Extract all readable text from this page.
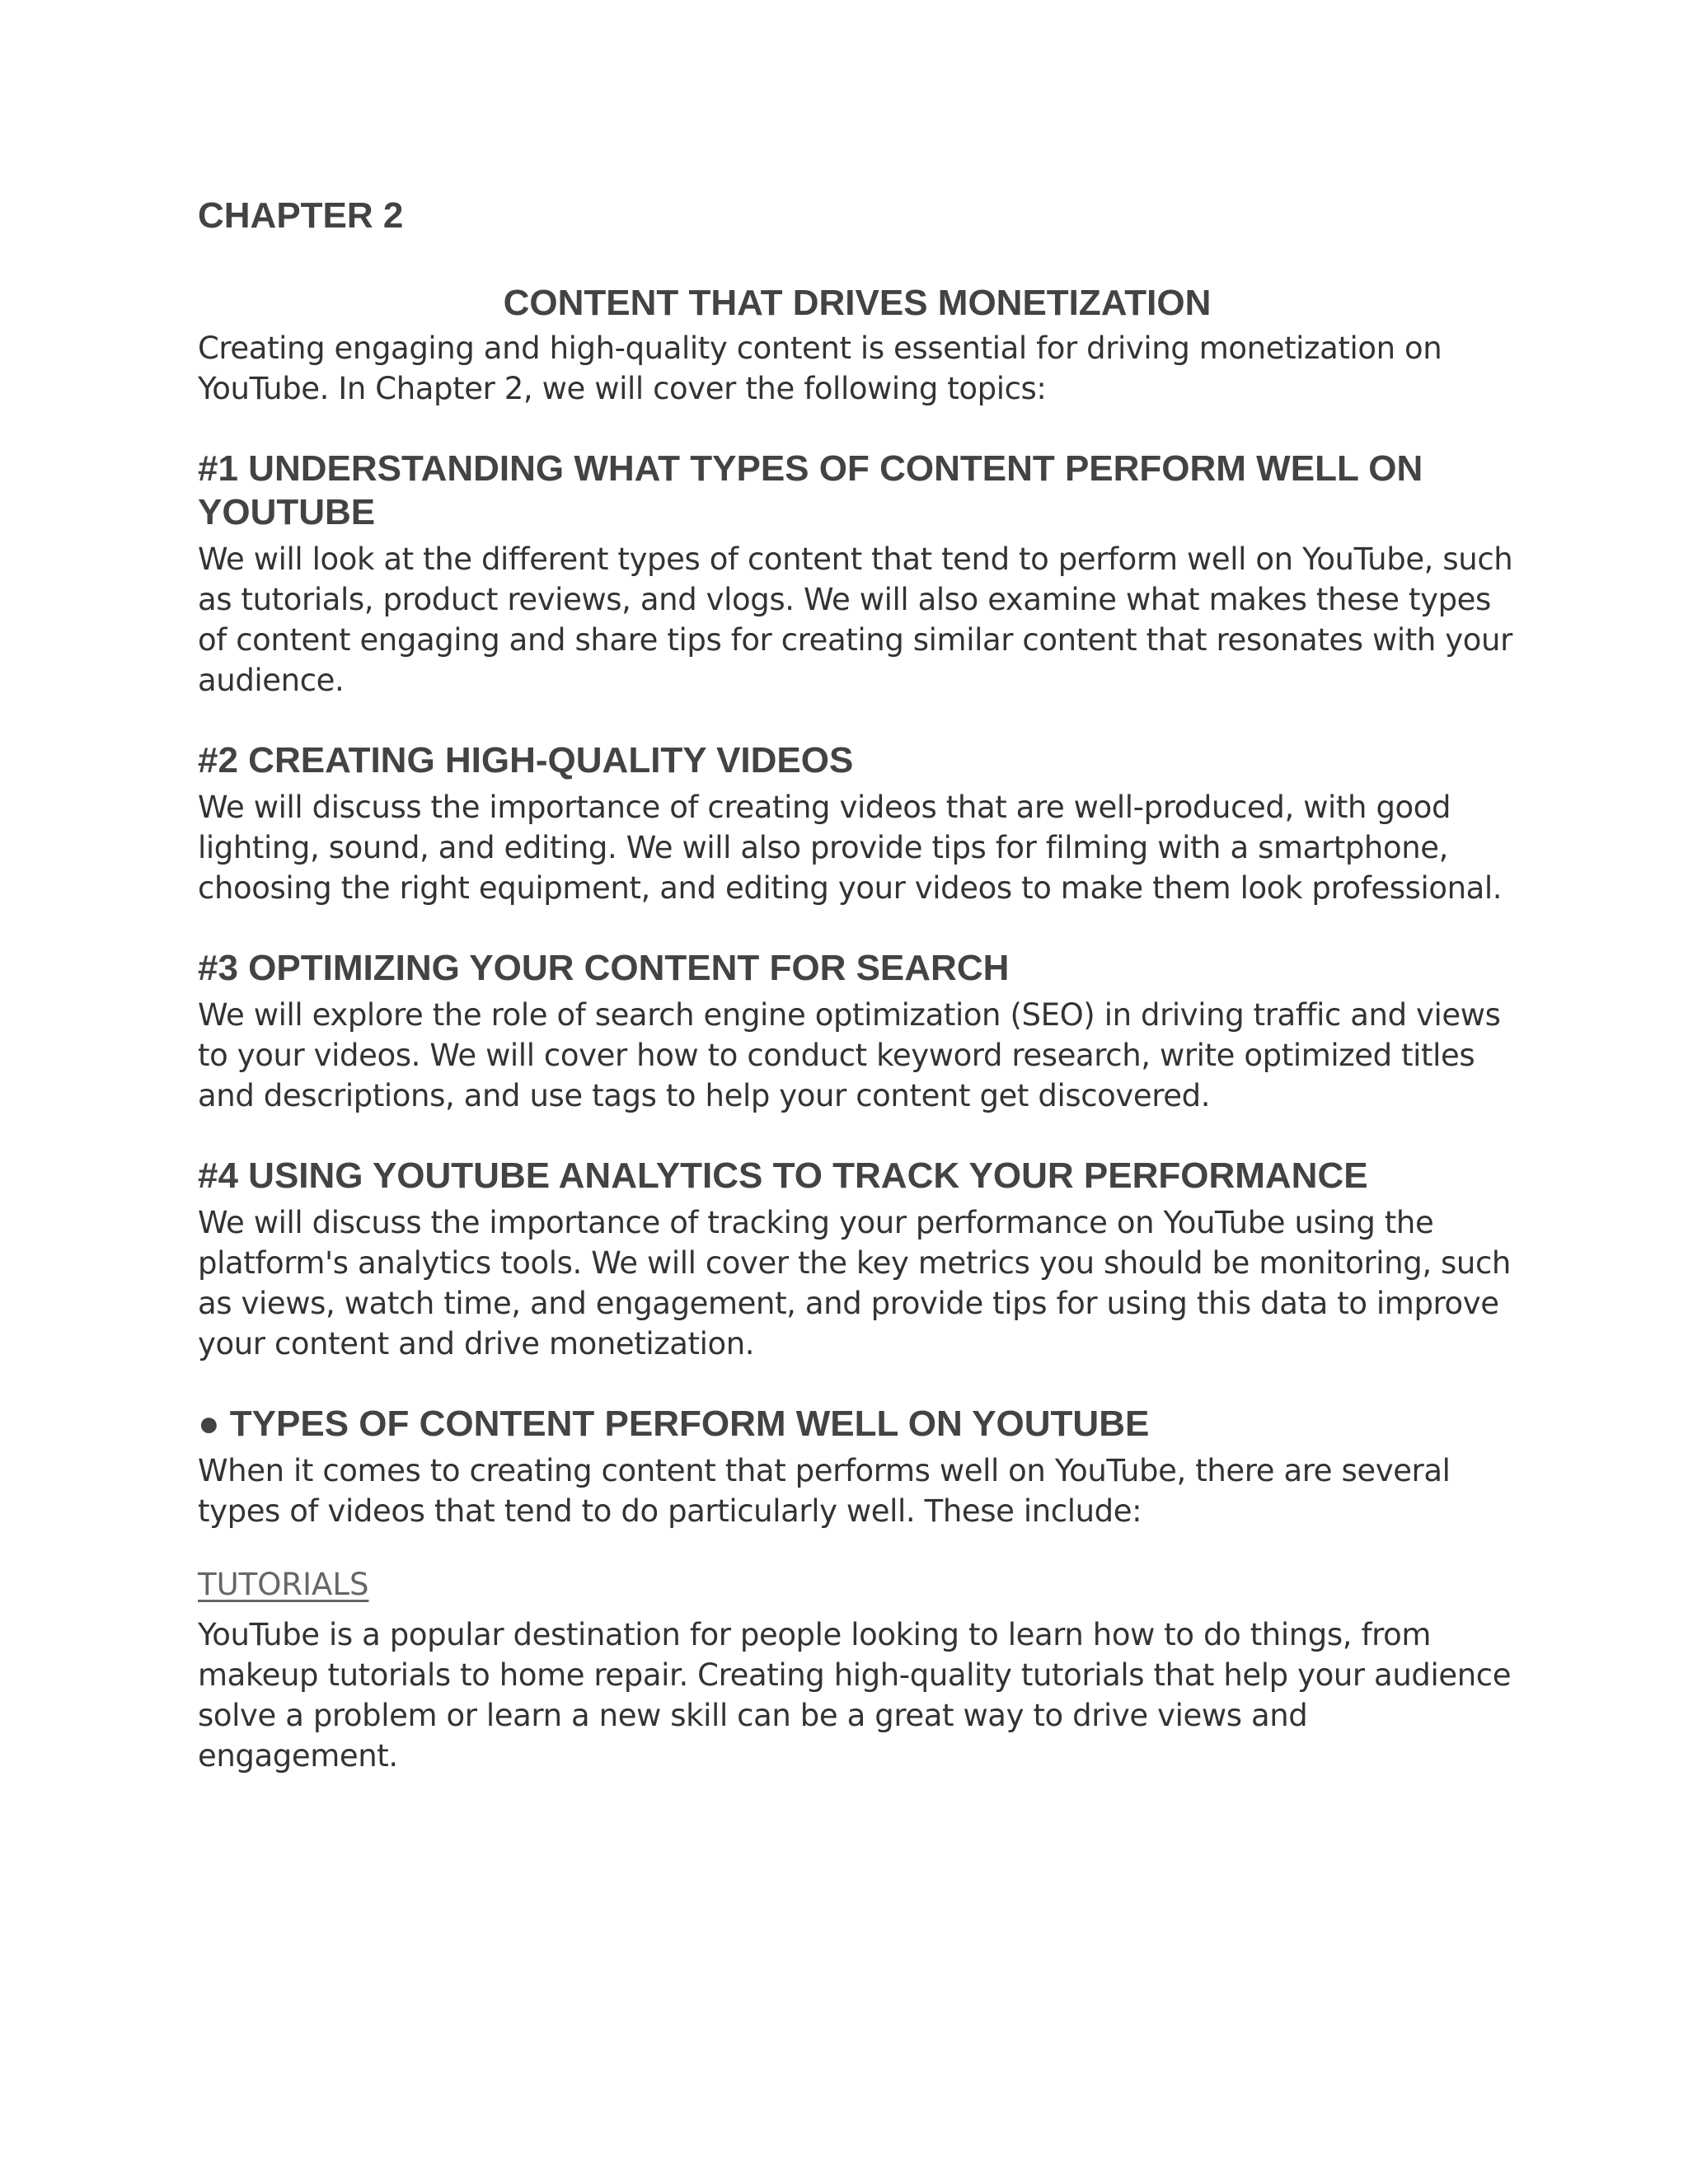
CHAPTER 2
CONTENT THAT DRIVES MONETIZATION

Creating engaging and high-quality content is essential for driving monetization on YouTube. In Chapter 2, we will cover the following topics:

#1 UNDERSTANDING WHAT TYPES OF CONTENT PERFORM WELL ON YOUTUBE

We will look at the different types of content that tend to perform well on YouTube, such as tutorials, product reviews, and vlogs. We will also examine what makes these types of content engaging and share tips for creating similar content that resonates with your audience.

#2 CREATING HIGH-QUALITY VIDEOS

We will discuss the importance of creating videos that are well-produced, with good lighting, sound, and editing. We will also provide tips for filming with a smartphone, choosing the right equipment, and editing your videos to make them look professional.

#3 OPTIMIZING YOUR CONTENT FOR SEARCH

We will explore the role of search engine optimization (SEO) in driving traffic and views to your videos. We will cover how to conduct keyword research, write optimized titles and descriptions, and use tags to help your content get discovered.

#4 USING YOUTUBE ANALYTICS TO TRACK YOUR PERFORMANCE

We will discuss the importance of tracking your performance on YouTube using the platform's analytics tools. We will cover the key metrics you should be monitoring, such as views, watch time, and engagement, and provide tips for using this data to improve your content and drive monetization.

● TYPES OF CONTENT PERFORM WELL ON YOUTUBE

When it comes to creating content that performs well on YouTube, there are several types of videos that tend to do particularly well. These include:

TUTORIALS

YouTube is a popular destination for people looking to learn how to do things, from makeup tutorials to home repair. Creating high-quality tutorials that help your audience solve a problem or learn a new skill can be a great way to drive views and engagement.
